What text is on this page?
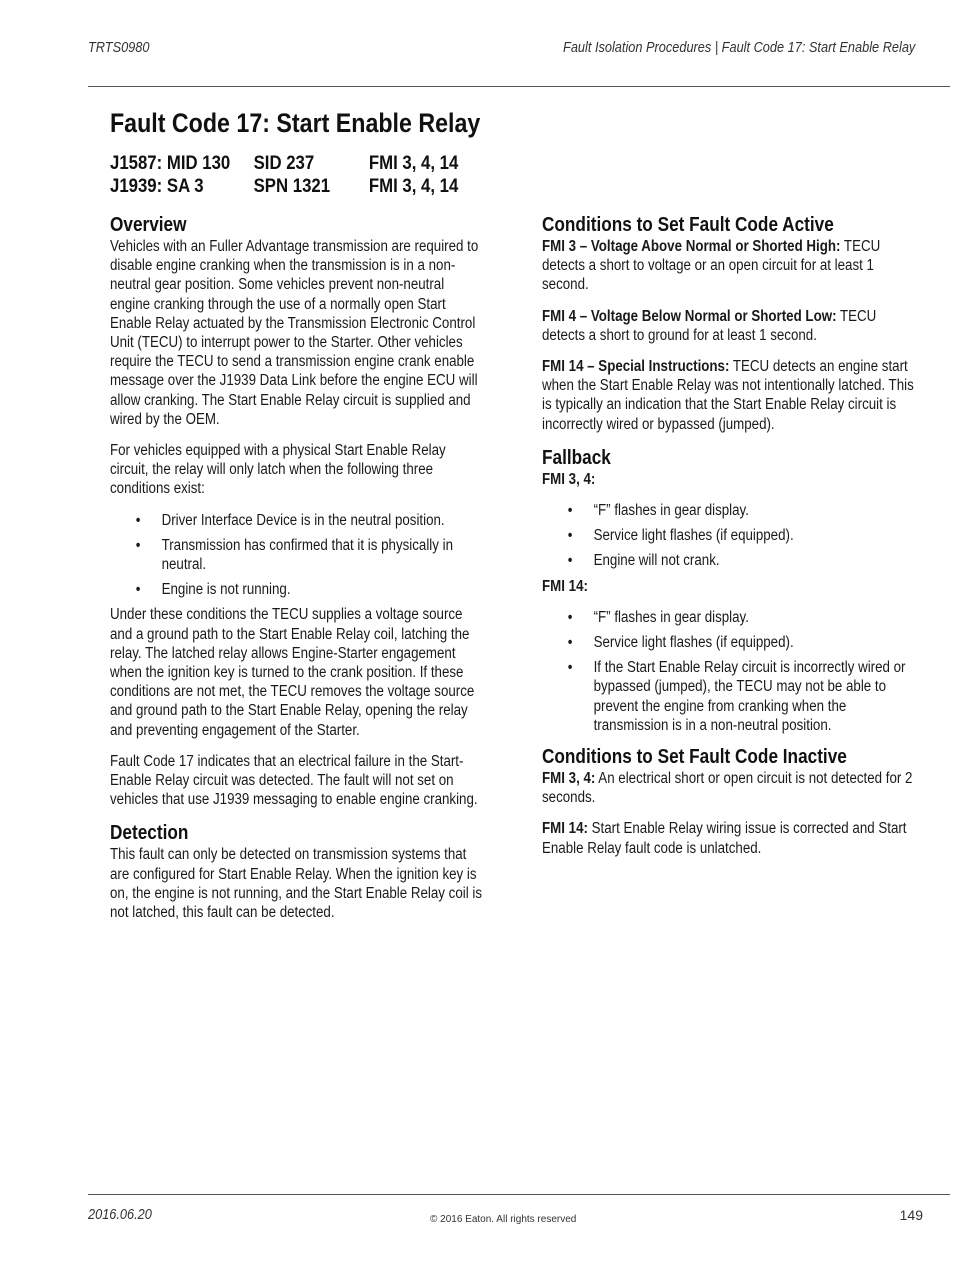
TRTS0980	Fault Isolation Procedures | Fault Code 17: Start Enable Relay
Fault Code 17: Start Enable Relay
J1587: MID 130	SID 237	FMI 3, 4, 14
J1939: SA 3	SPN 1321	FMI 3, 4, 14
Overview

Vehicles with an Fuller Advantage transmission are required to disable engine cranking when the transmission is in a non-neutral gear position. Some vehicles prevent non-neutral engine cranking through the use of a normally open Start Enable Relay actuated by the Transmission Electronic Control Unit (TECU) to interrupt power to the Starter. Other vehicles require the TECU to send a transmission engine crank enable message over the J1939 Data Link before the engine ECU will allow cranking. The Start Enable Relay circuit is supplied and wired by the OEM.

For vehicles equipped with a physical Start Enable Relay circuit, the relay will only latch when the following three conditions exist:

• Driver Interface Device is in the neutral position.
• Transmission has confirmed that it is physically in neutral.
• Engine is not running.

Under these conditions the TECU supplies a voltage source and a ground path to the Start Enable Relay coil, latching the relay. The latched relay allows Engine-Starter engagement when the ignition key is turned to the crank position. If these conditions are not met, the TECU removes the voltage source and ground path to the Start Enable Relay, opening the relay and preventing engagement of the Starter.

Fault Code 17 indicates that an electrical failure in the Start-Enable Relay circuit was detected. The fault will not set on vehicles that use J1939 messaging to enable engine cranking.

Detection

This fault can only be detected on transmission systems that are configured for Start Enable Relay. When the ignition key is on, the engine is not running, and the Start Enable Relay coil is not latched, this fault can be detected.

Conditions to Set Fault Code Active

FMI 3 – Voltage Above Normal or Shorted High: TECU detects a short to voltage or an open circuit for at least 1 second.

FMI 4 – Voltage Below Normal or Shorted Low: TECU detects a short to ground for at least 1 second.

FMI 14 – Special Instructions: TECU detects an engine start when the Start Enable Relay was not intentionally latched. This is typically an indication that the Start Enable Relay circuit is incorrectly wired or bypassed (jumped).

Fallback

FMI 3, 4:

• “F” flashes in gear display.
• Service light flashes (if equipped).
• Engine will not crank.

FMI 14:

• “F” flashes in gear display.
• Service light flashes (if equipped).
• If the Start Enable Relay circuit is incorrectly wired or bypassed (jumped), the TECU may not be able to prevent the engine from cranking when the transmission is in a non-neutral position.
Conditions to Set Fault Code Inactive

FMI 3, 4: An electrical short or open circuit is not detected for 2 seconds.

FMI 14: Start Enable Relay wiring issue is corrected and Start Enable Relay fault code is unlatched.

2016.06.20	© 2016 Eaton. All rights reserved	149
